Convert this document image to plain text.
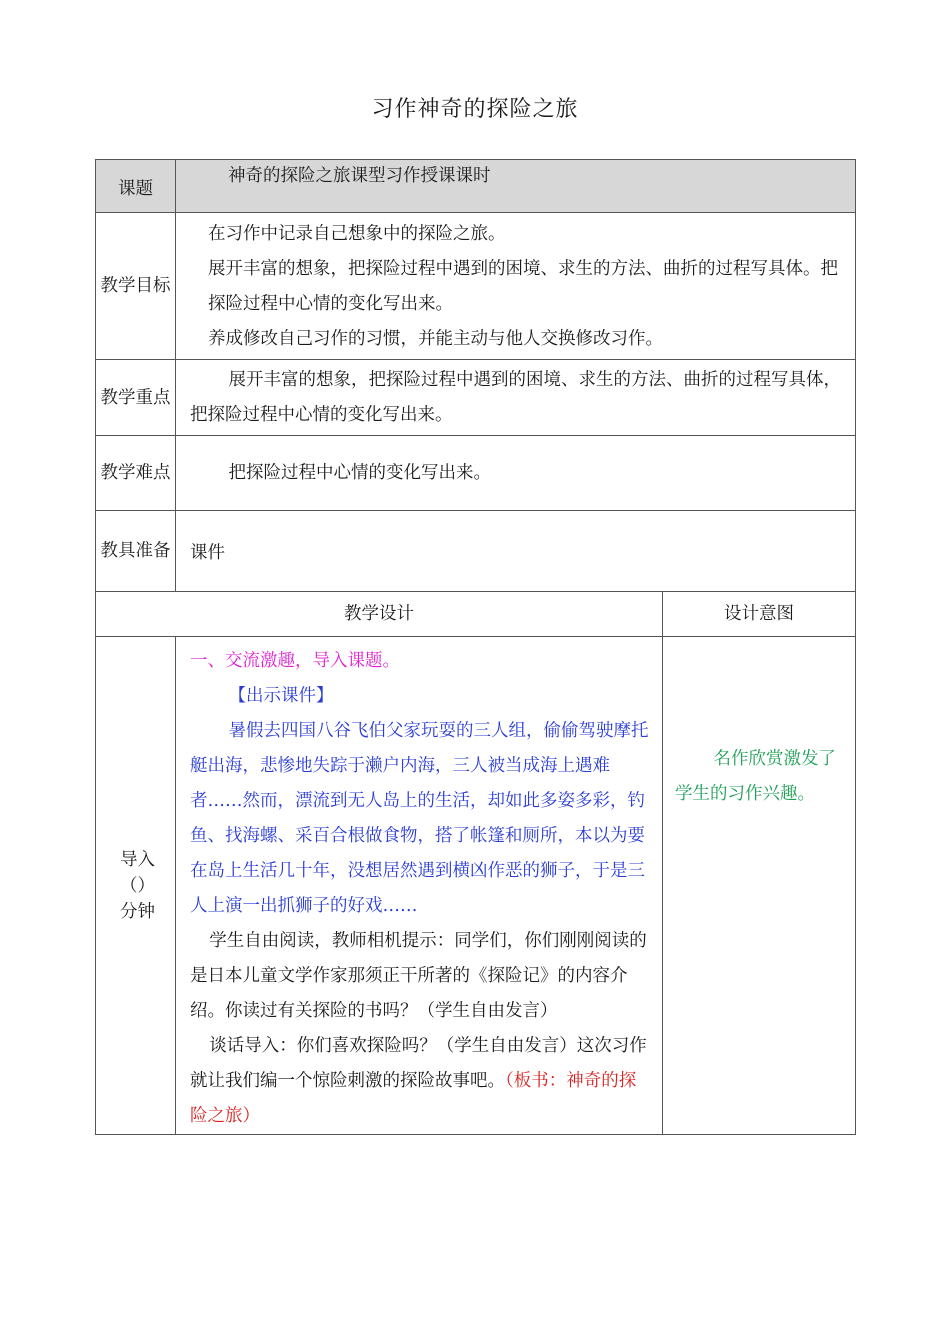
习作神奇的探险之旅
课题	神奇的探险之旅课型习作授课课时	
教学目标	在习作中记录自己想象中的探险之旅。

展开丰富的想象，把探险过程中遇到的困境、求生的方法、曲折的过程写具体。把探险过程中心情的变化写出来。

养成修改自己习作的习惯，并能主动与他人交换修改习作。	

教学重点	展开丰富的想象，把探险过程中遇到的困境、求生的方法、曲折的过程写具体，把探险过程中心情的变化写出来。	

教学难点	把探险过程中心情的变化写出来。	

教具准备	课件	
教学设计		设计意图
导入（）分钟	一、交流激趣，导入课题。

【出示课件】

暑假去四国八谷飞伯父家玩耍的三人组，偷偷驾驶摩托艇出海，悲惨地失踪于濑户内海，三人被当成海上遇难者……然而，漂流到无人岛上的生活，却如此多姿多彩，钓鱼、找海螺、采百合根做食物，搭了帐篷和厕所，本以为要在岛上生活几十年，没想居然遇到横凶作恶的狮子，于是三人上演一出抓狮子的好戏……

学生自由阅读，教师相机提示：同学们，你们刚刚阅读的是日本儿童文学作家那须正干所著的《探险记》的内容介绍。你读过有关探险的书吗？（学生自由发言）

谈话导入：你们喜欢探险吗？（学生自由发言）这次习作就让我们编一个惊险刺激的探险故事吧。（板书：神奇的探险之旅）	名作欣赏激发了学生的习作兴趣。
